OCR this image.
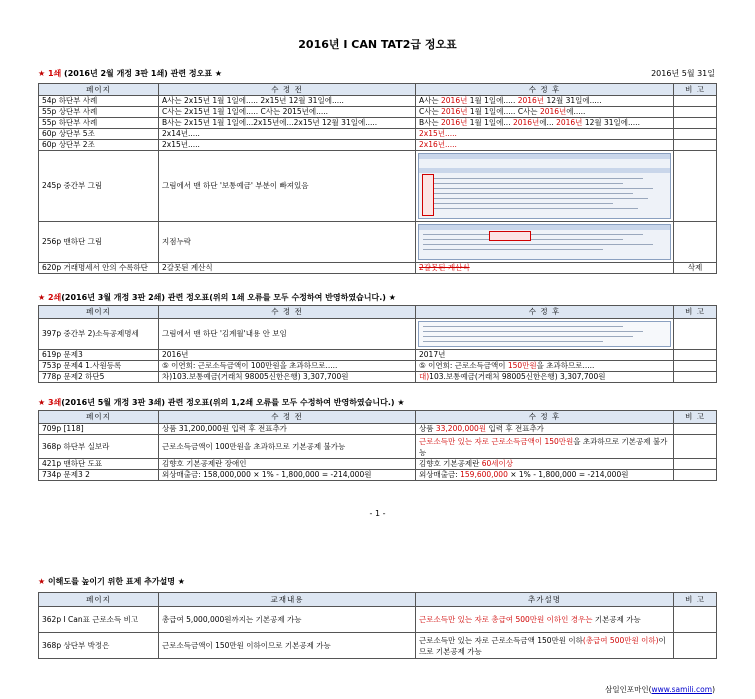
2016년 I CAN TAT2급 정오표
★ 1쇄 (2016년 2월 개정 3판 1쇄) 관련 정오표 ★	2016년 5월 31일
페이지	수 정 전	수 정 후	비 고
54p 하단부 사례	A사는 2x15년 1월 1일에..... 2x15년 12월 31일에.....	A사는 2016년 1월 1일에..... 2016년 12월 31일에.....	
55p 상단부 사례	C사는 2x15년 1월 1일에..... C사는 2015년에.....	C사는 2016년 1월 1일에..... C사는 2016년에.....	
55p 하단부 사례	B사는 2x15년 1월 1일에...2x15년에...2x15년 12월 31일에.....	B사는 2016년 1월 1일에... 2016년에... 2016년 12월 31일에.....	
60p 상단부 5조	2x14년.....	2x15년.....	
60p 상단부 2조	2x15년.....	2x16년.....	
245p 중간부 그림	그림에서 맨 하단 '보통예금' 부분이 빠져있음	

256p 맨하단 그림	지점누락	

620p 거래명세서 안의 수록하단	2갈못된 계산식	2갈못된 계산식	삭제
★ 2쇄(2016년 3월 개정 3판 2쇄) 관련 정오표(위의 1쇄 오류를 모두 수정하여 반영하였습니다.) ★
페이지	수 정 전	수 정 후	비 고
397p 중간부 2)소득공제명세	그림에서 맨 하단 '김계월'내용 안 보임	

619p 문제3	2016년	2017년	
753p 문제4 1.사원등록	⑤ 이연희: 근로소득금액이 100만원을 초과하므로.....	⑤ 이연희: 근로소득금액이 150만원을 초과하므로.....	
778p 문제2 하단5	차)103.보통예금(거래처 98005신한은행) 3,307,700원	대)103.보통예금(거래처 98005신한은행) 3,307,700원	
★ 3쇄(2016년 5월 개정 3판 3쇄) 관련 정오표(위의 1,2쇄 오류를 모두 수정하여 반영하였습니다.) ★
페이지	수 정 전	수 정 후	비 고
709p [118]	상품 31,200,000원 입력 후 전표추가	상품 33,200,000원 입력 후 전표추가	
368p 하단부 실보라	근로소득금액이 100만원을 초과하므로 기본공제 불가능	근로소득만 있는 자로 근로소득금액이 150만원을 초과하므로 기본공제 불가능	
421p 맨하단 도표	김향호 기본공제란 장애인	김향호 기본공제란 60세이상	
734p 문제3 2	외상매출금: 158,000,000 × 1% - 1,800,000 = -214,000원	외상매출금: 159,600,000 × 1% - 1,800,000 = -214,000원	
- 1 -
★ 이해도를 높이기 위한 표제 추가설명 ★
페이지	교재내용	추가설명	비 고
362p I Can표 근로소득 비고	총급여 5,000,000원까지는 기본공제 가능	근로소득만 있는 자로 총급여 500만원 이하인 경우는 기본공제 가능	
368p 상단부 박정은	근로소득금액이 150만원 이하이므로 기본공제 가능	근로소득만 있는 자로 근로소득금액 150만원 이하(총급여 500만원 이하)이므로 기본공제 가능	
삼일인포마인(www.samili.com)
